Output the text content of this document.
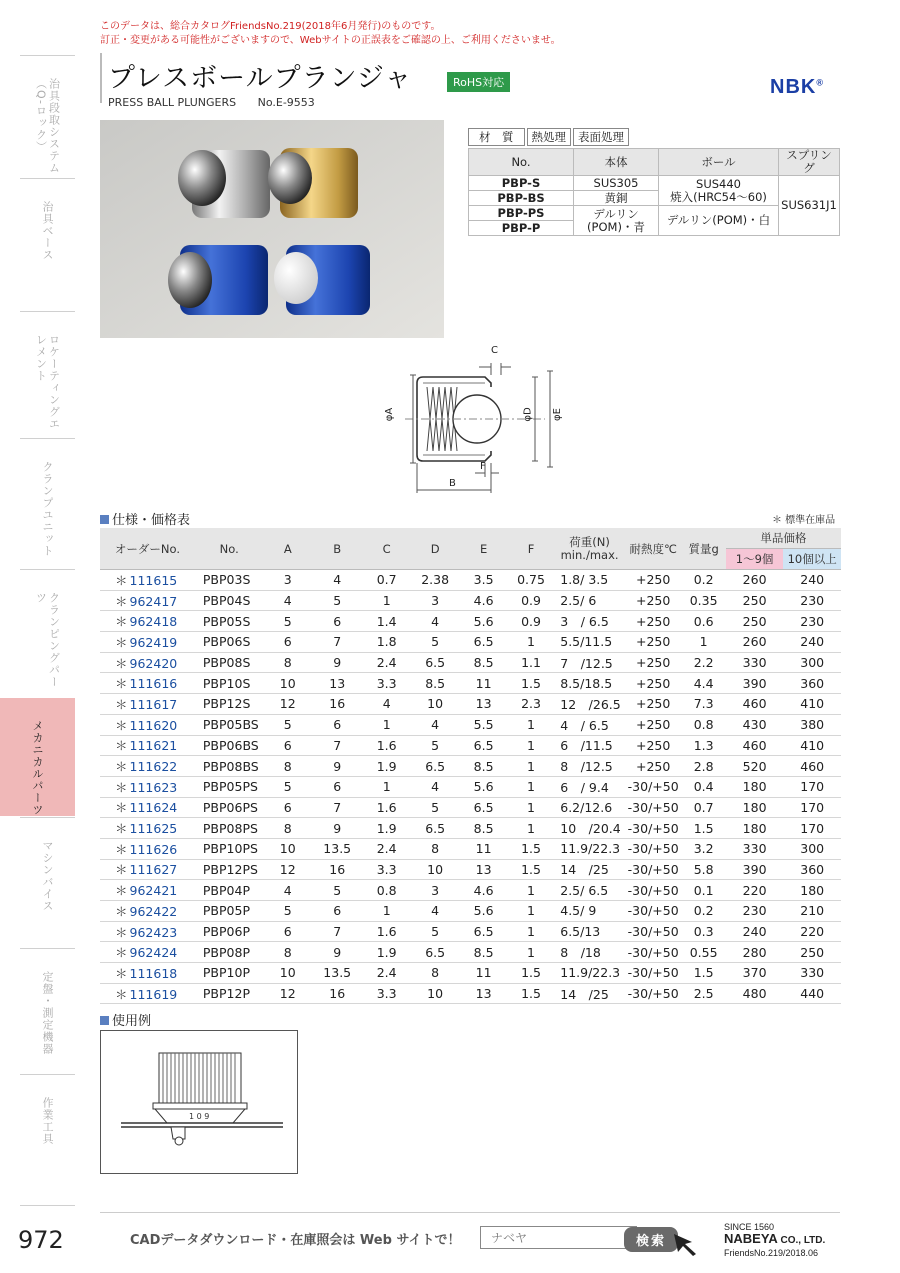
このデータは、総合カタログFriendsNo.219(2018年6月発行)のものです。
訂正・変更がある可能性がございますので、Webサイトの正誤表をご確認の上、ご利用くださいませ。
治具段取システム（Q-ロック）
治具ベース
ロケーティングエレメント
クランプユニット
クランピングパーツ
メカニカルパーツ
マシンバイス
定盤・測定機器
作業工具
プレスボールプランジャ	RoHS対応
PRESS BALL PLUNGERS No.E-9553
NBK®
材　質	熱処理	表面処理
No.	本体	ボール	スプリング
PBP-S	SUS305	SUS440
焼入(HRC54～60)	SUS631J1
PBP-BS	黄銅		
PBP-PS	デルリン(POM)・青	デルリン(POM)・白	
PBP-P			
C
φA	φD φE
F
B
仕様・価格表	＊ 標準在庫品
オーダーNo.	No.	A	B	C	D	E	F	荷重(N)
min./max.	耐熱度℃	質量g	単品価格	
											1～9個	10個以上
＊ 111615	PBP03S	3	4	0.7	2.38	3.5	0.75	1.8/ 3.5	+250	0.2	260	240
＊ 962417	PBP04S	4	5	1	3	4.6	0.9	2.5/ 6	+250	0.35	250	230
＊ 962418	PBP05S	5	6	1.4	4	5.6	0.9	3　/ 6.5	+250	0.6	250	230
＊ 962419	PBP06S	6	7	1.8	5	6.5	1	5.5/11.5	+250	1	260	240
＊ 962420	PBP08S	8	9	2.4	6.5	8.5	1.1	7　/12.5	+250	2.2	330	300
＊ 111616	PBP10S	10	13	3.3	8.5	11	1.5	8.5/18.5	+250	4.4	390	360
＊ 111617	PBP12S	12	16	4	10	13	2.3	12　/26.5	+250	7.3	460	410
＊ 111620	PBP05BS	5	6	1	4	5.5	1	4　/ 6.5	+250	0.8	430	380
＊ 111621	PBP06BS	6	7	1.6	5	6.5	1	6　/11.5	+250	1.3	460	410
＊ 111622	PBP08BS	8	9	1.9	6.5	8.5	1	8　/12.5	+250	2.8	520	460
＊ 111623	PBP05PS	5	6	1	4	5.6	1	6　/ 9.4	-30/+50	0.4	180	170
＊ 111624	PBP06PS	6	7	1.6	5	6.5	1	6.2/12.6	-30/+50	0.7	180	170
＊ 111625	PBP08PS	8	9	1.9	6.5	8.5	1	10　/20.4	-30/+50	1.5	180	170
＊ 111626	PBP10PS	10	13.5	2.4	8	11	1.5	11.9/22.3	-30/+50	3.2	330	300
＊ 111627	PBP12PS	12	16	3.3	10	13	1.5	14　/25	-30/+50	5.8	390	360
＊ 962421	PBP04P	4	5	0.8	3	4.6	1	2.5/ 6.5	-30/+50	0.1	220	180
＊ 962422	PBP05P	5	6	1	4	5.6	1	4.5/ 9	-30/+50	0.2	230	210
＊ 962423	PBP06P	6	7	1.6	5	6.5	1	6.5/13	-30/+50	0.3	240	220
＊ 962424	PBP08P	8	9	1.9	6.5	8.5	1	8　/18	-30/+50	0.55	280	250
＊ 111618	PBP10P	10	13.5	2.4	8	11	1.5	11.9/22.3	-30/+50	1.5	370	330
＊ 111619	PBP12P	12	16	3.3	10	13	1.5	14　/25	-30/+50	2.5	480	440
使用例
1 0 9
972	CADデータダウンロード・在庫照会は Web サイトで！	ナベヤ	検索
SINCE 1560
NABEYA CO., LTD.
FriendsNo.219/2018.06
